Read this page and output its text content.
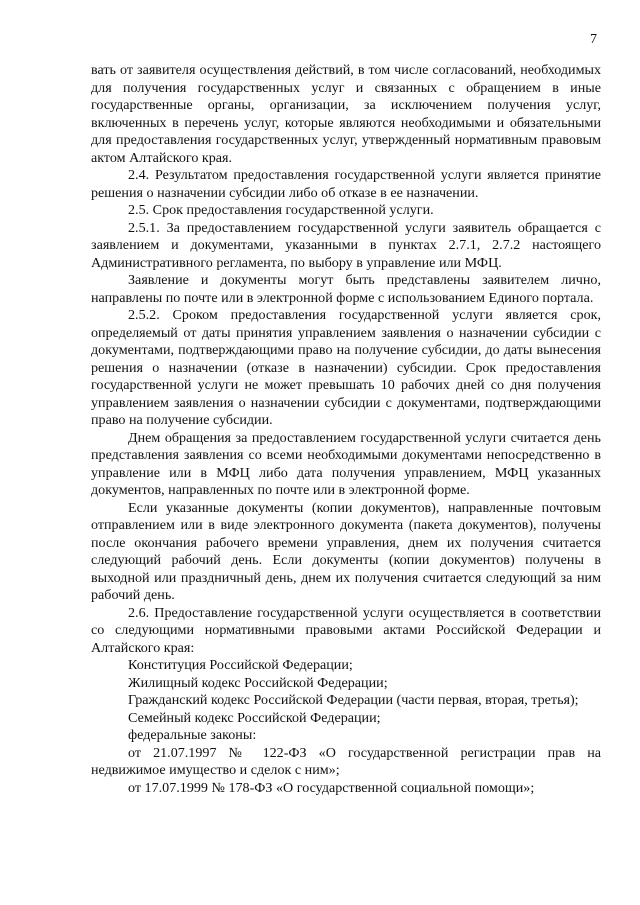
7

вать от заявителя осуществления действий, в том числе согласований, необходимых для получения государственных услуг и связанных с обращением в иные государственные органы, организации, за исключением получения услуг, включенных в перечень услуг, которые являются необходимыми и обязательными для предоставления государственных услуг, утвержденный нормативным правовым актом Алтайского края.

2.4. Результатом предоставления государственной услуги является принятие решения о назначении субсидии либо об отказе в ее назначении.

2.5. Срок предоставления государственной услуги.

2.5.1. За предоставлением государственной услуги заявитель обращается с заявлением и документами, указанными в пунктах 2.7.1, 2.7.2 настоящего Административного регламента, по выбору в управление или МФЦ.

Заявление и документы могут быть представлены заявителем лично, направлены по почте или в электронной форме с использованием Единого портала.

2.5.2. Сроком предоставления государственной услуги является срок, определяемый от даты принятия управлением заявления о назначении субсидии с документами, подтверждающими право на получение субсидии, до даты вынесения решения о назначении (отказе в назначении) субсидии. Срок предоставления государственной услуги не может превышать 10 рабочих дней со дня получения управлением заявления о назначении субсидии с документами, подтверждающими право на получение субсидии.

Днем обращения за предоставлением государственной услуги считается день представления заявления со всеми необходимыми документами непосредственно в управление или в МФЦ либо дата получения управлением, МФЦ указанных документов, направленных по почте или в электронной форме.

Если указанные документы (копии документов), направленные почтовым отправлением или в виде электронного документа (пакета документов), получены после окончания рабочего времени управления, днем их получения считается следующий рабочий день. Если документы (копии документов) получены в выходной или праздничный день, днем их получения считается следующий за ним рабочий день.

2.6. Предоставление государственной услуги осуществляется в соответствии со следующими нормативными правовыми актами Российской Федерации и Алтайского края:

Конституция Российской Федерации;

Жилищный кодекс Российской Федерации;

Гражданский кодекс Российской Федерации (части первая, вторая, третья);

Семейный кодекс Российской Федерации;

федеральные законы:

от 21.07.1997 № 122-ФЗ «О государственной регистрации прав на недвижимое имущество и сделок с ним»;

от 17.07.1999 № 178-ФЗ «О государственной социальной помощи»;
